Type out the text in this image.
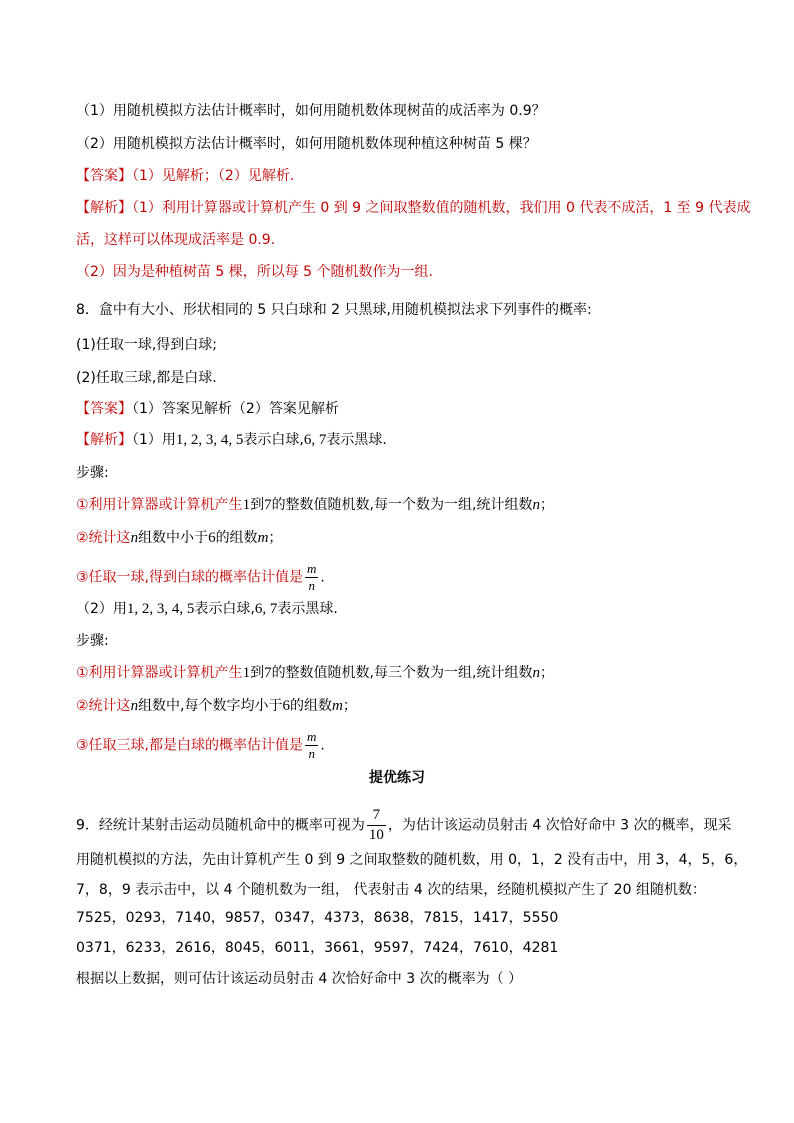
（1）用随机模拟方法估计概率时，如何用随机数体现树苗的成活率为 0.9？
（2）用随机模拟方法估计概率时，如何用随机数体现种植这种树苗 5 棵？
【答案】（1）见解析；（2）见解析.
【解析】（1）利用计算器或计算机产生 0 到 9 之间取整数值的随机数，我们用 0 代表不成活，1 至 9 代表成
活，这样可以体现成活率是 0.9.
（2）因为是种植树苗 5 棵，所以每 5 个随机数作为一组.
8．盒中有大小、形状相同的 5 只白球和 2 只黑球,用随机模拟法求下列事件的概率:
(1)任取一球,得到白球;
(2)任取三球,都是白球.
【答案】（1）答案见解析（2）答案见解析
【解析】（1）用1, 2, 3, 4, 5表示白球,6, 7表示黑球.
步骤:
①利用计算器或计算机产生1到7的整数值随机数,每一个数为一组,统计组数n；
②统计这n组数中小于6的组数m；
③任取一球,得到白球的概率估计值是 $\frac{m}{n}$ .
（2）用1, 2, 3, 4, 5表示白球,6, 7表示黑球.
步骤:
①利用计算器或计算机产生1到7的整数值随机数,每三个数为一组,统计组数n；
②统计这n组数中,每个数字均小于6的组数m；
③任取三球,都是白球的概率估计值是 $\frac{m}{n}$ .
提优练习
9．经统计某射击运动员随机命中的概率可视为 $\frac{7}{10}$ ，为估计该运动员射击 4 次恰好命中 3 次的概率，现采
用随机模拟的方法，先由计算机产生 0 到 9 之间取整数的随机数，用 0，1，2 没有击中，用 3，4，5，6，
7，8，9 表示击中，以 4 个随机数为一组， 代表射击 4 次的结果，经随机模拟产生了 20 组随机数：
7525，0293，7140，9857，0347，4373，8638，7815，1417，5550
0371，6233，2616，8045，6011，3661，9597，7424，7610，4281
根据以上数据，则可估计该运动员射击 4 次恰好命中 3 次的概率为（ ）
